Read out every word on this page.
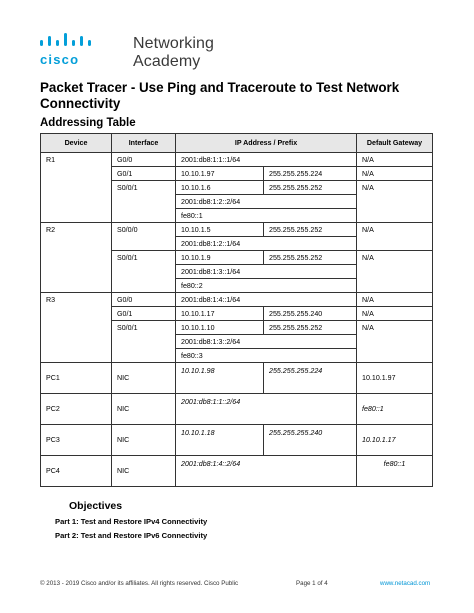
cisco
Networking
Academy
Packet Tracer - Use Ping and Traceroute to Test Network Connectivity
Addressing Table
Device	Interface	IP Address / Prefix		Default Gateway
R1	G0/0	2001:db8:1:1::1/64		N/A
	G0/1	10.10.1.97	255.255.255.224	N/A
	S0/0/1	10.10.1.6	255.255.255.252	N/A
		2001:db8:1:2::2/64		
		fe80::1		
R2	S0/0/0	10.10.1.5	255.255.255.252	N/A
		2001:db8:1:2::1/64		
	S0/0/1	10.10.1.9	255.255.255.252	N/A
		2001:db8:1:3::1/64		
		fe80::2		
R3	G0/0	2001:db8:1:4::1/64		N/A
	G0/1	10.10.1.17	255.255.255.240	N/A
	S0/0/1	10.10.1.10	255.255.255.252	N/A
		2001:db8:1:3::2/64		
		fe80::3		
PC1	NIC	10.10.1.98	255.255.255.224	10.10.1.97
PC2	NIC	2001:db8:1:1::2/64		fe80::1
PC3	NIC	10.10.1.18	255.255.255.240	10.10.1.17
PC4	NIC	2001:db8:1:4::2/64		fe80::1
Objectives
Part 1: Test and Restore IPv4 Connectivity
Part 2: Test and Restore IPv6 Connectivity
© 2013 - 2019 Cisco and/or its affiliates. All rights reserved. Cisco Public	Page 1 of 4	www.netacad.com
